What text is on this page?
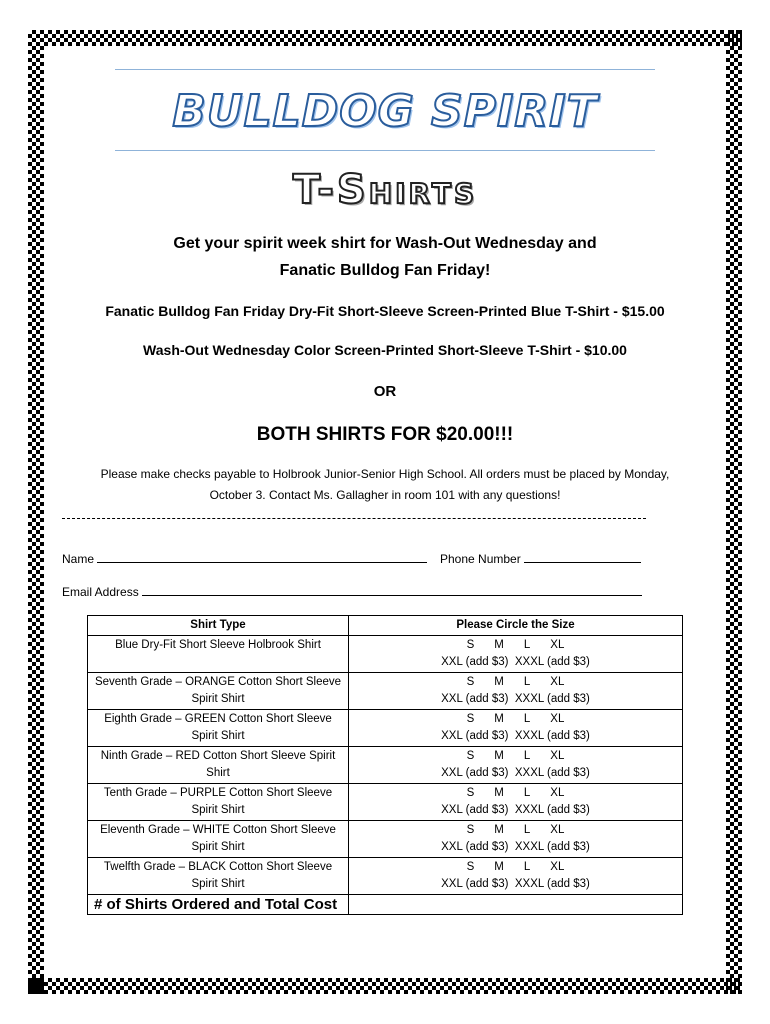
BULLDOG SPIRIT
T-Shirts
Get your spirit week shirt for Wash-Out Wednesday and
Fanatic Bulldog Fan Friday!
Fanatic Bulldog Fan Friday Dry-Fit Short-Sleeve Screen-Printed Blue T-Shirt - $15.00
Wash-Out Wednesday Color Screen-Printed Short-Sleeve T-Shirt - $10.00
OR
BOTH SHIRTS FOR $20.00!!!
Please make checks payable to Holbrook Junior-Senior High School. All orders must be placed by Monday, October 3. Contact Ms. Gallagher in room 101 with any questions!
Name	Phone Number
Email Address
Shirt Type	Please Circle the Size
Blue Dry-Fit Short Sleeve Holbrook Shirt	S M L XL
XXL (add $3)  XXXL (add $3)

Seventh Grade – ORANGE Cotton Short Sleeve Spirit Shirt	S M L XL
XXL (add $3)  XXXL (add $3)

Eighth Grade – GREEN Cotton Short Sleeve Spirit Shirt	S M L XL
XXL (add $3)  XXXL (add $3)

Ninth Grade – RED Cotton Short Sleeve Spirit Shirt	S M L XL
XXL (add $3)  XXXL (add $3)

Tenth Grade – PURPLE Cotton Short Sleeve Spirit Shirt	S M L XL
XXL (add $3)  XXXL (add $3)

Eleventh Grade – WHITE Cotton Short Sleeve Spirit Shirt	S M L XL
XXL (add $3)  XXXL (add $3)

Twelfth Grade – BLACK Cotton Short Sleeve Spirit Shirt	S M L XL
XXL (add $3)  XXXL (add $3)

# of Shirts Ordered and Total Cost	
